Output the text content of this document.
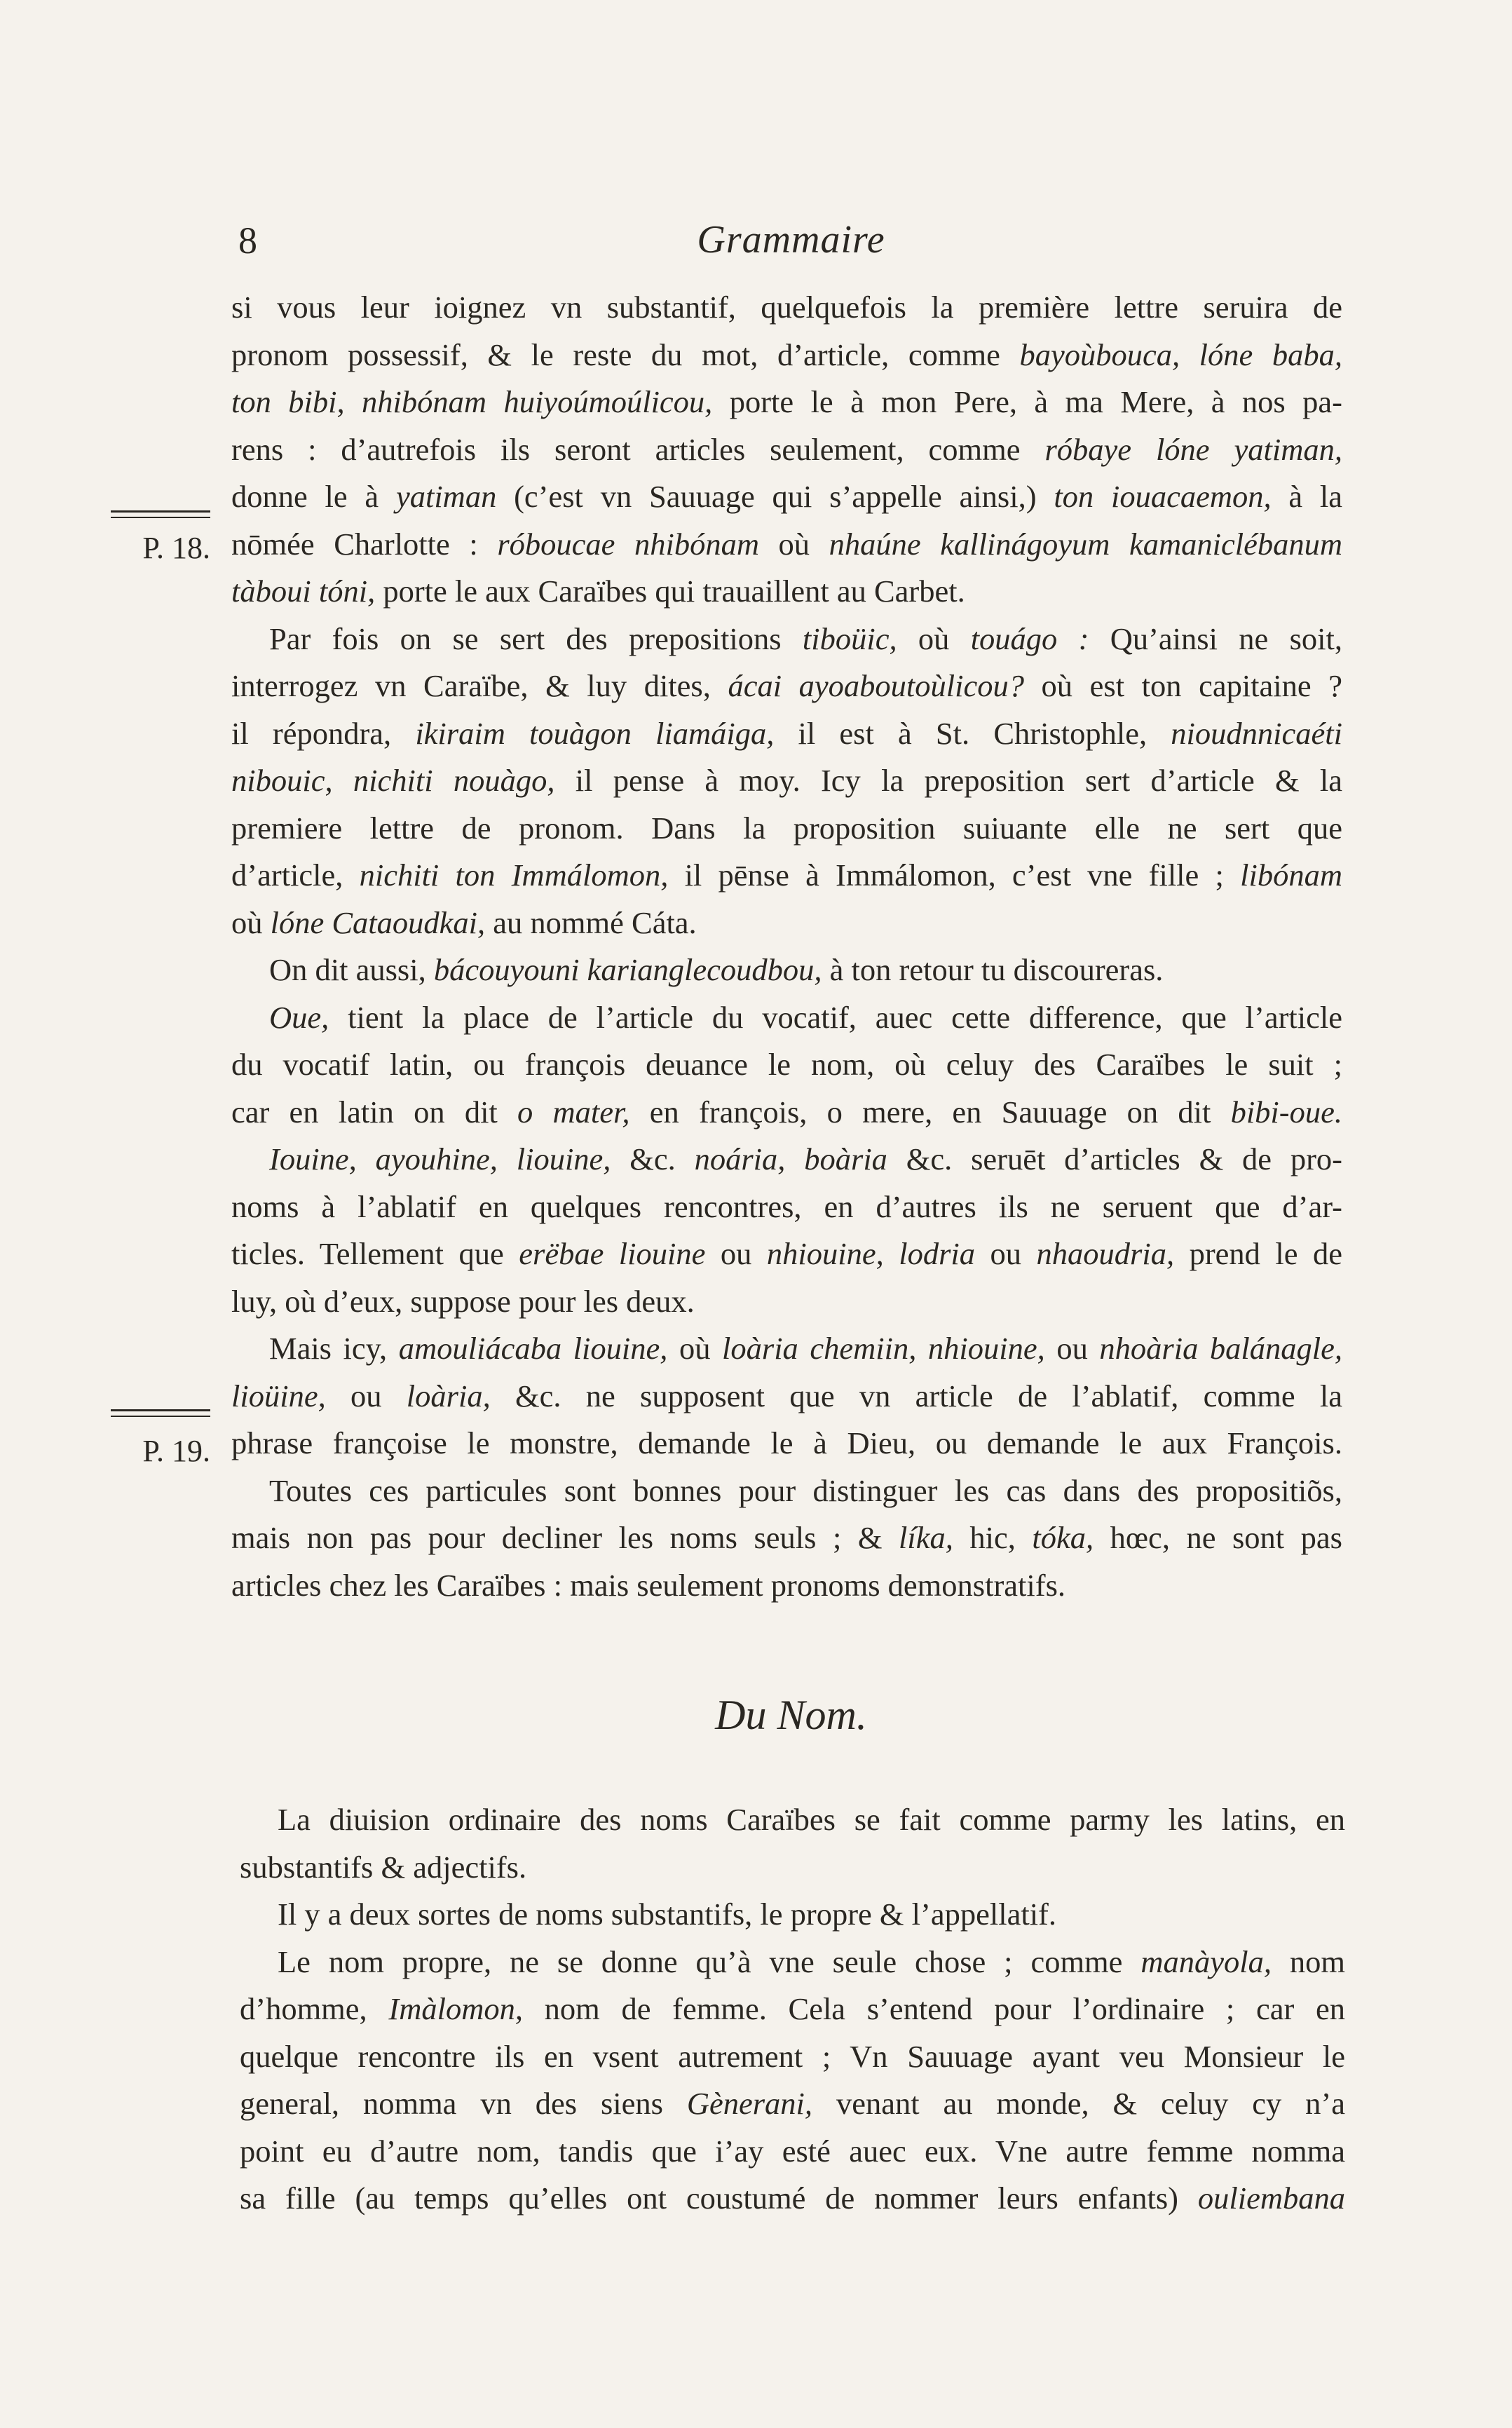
8	Grammaire
P. 18.
P. 19.
si vous leur ioignez vn substantif, quelquefois la première lettre seruira de
pronom possessif, & le reste du mot, d’article, comme bayoùbouca, lóne baba,
ton bibi, nhibónam huiyoúmoúlicou, porte le à mon Pere, à ma Mere, à nos pa-
rens : d’autrefois ils seront articles seulement, comme róbaye lóne yatiman,
donne le à yatiman (c’est vn Sauuage qui s’appelle ainsi,) ton iouacaemon, à la
nōmée Charlotte : róboucae nhibónam où nhaúne kallinágoyum kamaniclébanum
tàboui tóni, porte le aux Caraïbes qui trauaillent au Carbet.
Par fois on se sert des prepositions tiboüic, où touágo : Qu’ainsi ne soit,
interrogez vn Caraïbe, & luy dites, ácai ayoaboutoùlicou? où est ton capitaine ?
il répondra, ikiraim touàgon liamáiga, il est à St. Christophle, nioudnnicaéti
nibouic, nichiti nouàgo, il pense à moy. Icy la preposition sert d’article & la
premiere lettre de pronom. Dans la proposition suiuante elle ne sert que
d’article, nichiti ton Immálomon, il pēnse à Immálomon, c’est vne fille ; libónam
où lóne Cataoudkai, au nommé Cáta.
On dit aussi, bácouyouni karianglecoudbou, à ton retour tu discoureras.
Oue, tient la place de l’article du vocatif, auec cette difference, que l’article
du vocatif latin, ou françois deuance le nom, où celuy des Caraïbes le suit ;
car en latin on dit o mater, en françois, o mere, en Sauuage on dit bibi-oue.
Iouine, ayouhine, liouine, &c. noária, boària &c. seruēt d’articles & de pro-
noms à l’ablatif en quelques rencontres, en d’autres ils ne seruent que d’ar-
ticles. Tellement que erëbae liouine ou nhiouine, lodria ou nhaoudria, prend le de
luy, où d’eux, suppose pour les deux.
Mais icy, amouliácaba liouine, où loària chemiin, nhiouine, ou nhoària balánagle,
lioüine, ou loària, &c. ne supposent que vn article de l’ablatif, comme la
phrase françoise le monstre, demande le à Dieu, ou demande le aux François.
Toutes ces particules sont bonnes pour distinguer les cas dans des propositiõs,
mais non pas pour decliner les noms seuls ; & líka, hic, tóka, hœc, ne sont pas
articles chez les Caraïbes : mais seulement pronoms demonstratifs.
Du Nom.
La diuision ordinaire des noms Caraïbes se fait comme parmy les latins, en
substantifs & adjectifs.
Il y a deux sortes de noms substantifs, le propre & l’appellatif.
Le nom propre, ne se donne qu’à vne seule chose ; comme manàyola, nom
d’homme, Imàlomon, nom de femme. Cela s’entend pour l’ordinaire ; car en
quelque rencontre ils en vsent autrement ; Vn Sauuage ayant veu Monsieur le
general, nomma vn des siens Gènerani, venant au monde, & celuy cy n’a
point eu d’autre nom, tandis que i’ay esté auec eux. Vne autre femme nomma
sa fille (au temps qu’elles ont coustumé de nommer leurs enfants) ouliembana
